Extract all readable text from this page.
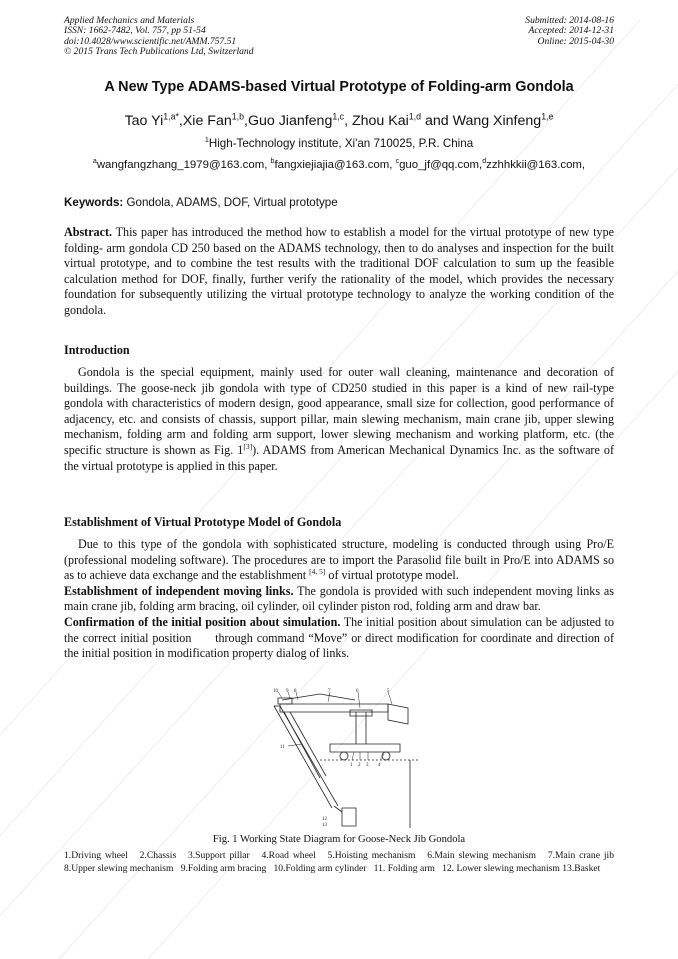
Applied Mechanics and Materials
ISSN: 1662-7482, Vol. 757, pp 51-54
doi:10.4028/www.scientific.net/AMM.757.51
© 2015 Trans Tech Publications Ltd, Switzerland
Submitted: 2014-08-16
Accepted: 2014-12-31
Online: 2015-04-30
A New Type ADAMS-based Virtual Prototype of Folding-arm Gondola
Tao $Yi^{1,a*},Xie$ Fan$^{1,b}$,Guo Jianfeng$^{1,c}$, Zhou Kai$^{1,d}$ and Wang Xinfeng$^{1,e}$
$^1$High-Technology institute, Xi'an 710025, P.R. China
$^a$wangfangzhang_1979@163.com, $^b$fangxiejiajia@163.com, $^c$guo_jf@qq.com,$^d$zzhhkkii@163.com,
Keywords: Gondola, ADAMS, DOF, Virtual prototype

Abstract. This paper has introduced the method how to establish a model for the virtual prototype of new type folding- arm gondola CD 250 based on the ADAMS technology, then to do analyses and inspection for the built virtual prototype, and to combine the test results with the traditional DOF calculation to sum up the feasible calculation method for DOF, finally, further verify the rationality of the model, which provides the necessary foundation for subsequently utilizing the virtual prototype technology to analyze the working condition of the gondola.

Introduction

Gondola is the special equipment, mainly used for outer wall cleaning, maintenance and decoration of buildings. The goose-neck jib gondola with type of CD250 studied in this paper is a kind of new rail-type gondola with characteristics of modern design, good appearance, small size for collection, good performance of adjacency, etc. and consists of chassis, support pillar, main slewing mechanism, main crane jib, upper slewing mechanism, folding arm and folding arm support, lower slewing mechanism and working platform, etc. (the specific structure is shown as Fig. 1[3]). ADAMS from American Mechanical Dynamics Inc. as the software of the virtual prototype is applied in this paper.

Establishment of Virtual Prototype Model of Gondola

Due to this type of the gondola with sophisticated structure, modeling is conducted through using Pro/E (professional modeling software). The procedures are to import the Parasolid file built in Pro/E into ADAMS so as to achieve data exchange and the establishment [4, 5] of virtual prototype model.

Establishment of independent moving links. The gondola is provided with such independent moving links as main crane jib, folding arm bracing, oil cylinder, oil cylinder piston rod, folding arm and draw bar.

Confirmation of the initial position about simulation. The initial position about simulation can be adjusted to the correct initial position      through command “Move” or direct modification for coordinate and direction of the initial position in modification property dialog of links.

10 9 8	7	6	5
1 2 3 4
11
12
13
Fig. 1 Working State Diagram for Goose-Neck Jib Gondola
1.Driving wheel 2.Chassis 3.Support pillar 4.Road wheel 5.Hoisting mechanism 6.Main slewing mechanism 7.Main crane jib 8.Upper slewing mechanism 9.Folding arm bracing 10.Folding arm cylinder 11. Folding arm 12. Lower slewing mechanism 13.Basket
